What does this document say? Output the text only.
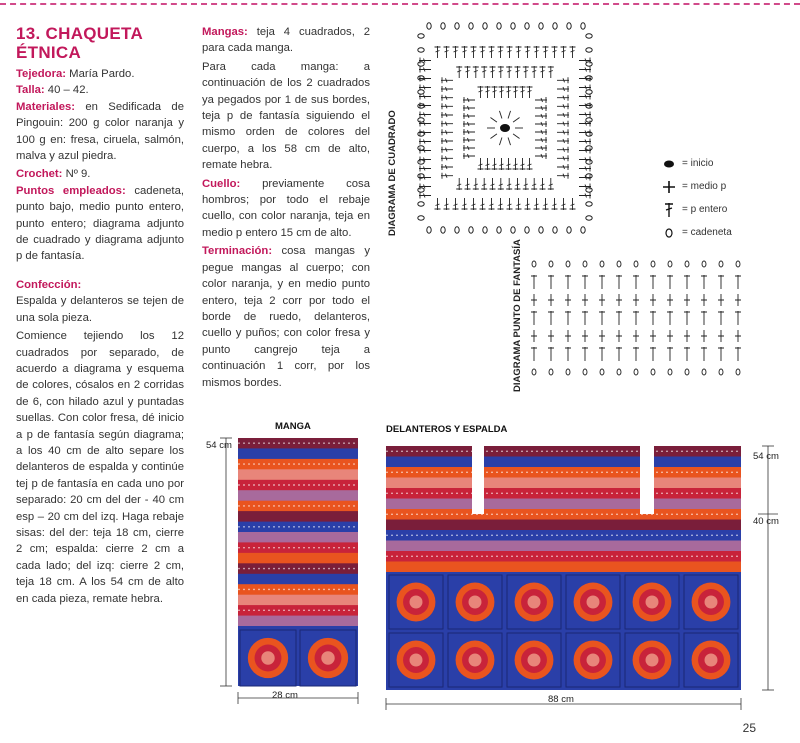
13. CHAQUETA
ÉTNICA
Tejedora: María Pardo.
Talla: 40 – 42.
Materiales: en Sedificada de Pingouin: 200 g color naranja y 100 g en: fresa, ciruela, salmón, malva y azul piedra.
Crochet: Nº 9.
Puntos empleados: cadeneta, punto bajo, medio punto entero, punto entero; diagrama adjunto de cuadrado y diagrama adjunto p de fantasía.
Confección:
Espalda y delanteros se tejen de una sola pieza.
Comience tejiendo los 12 cuadrados por separado, de acuerdo a diagrama y esquema de colores, cósalos en 2 corridas de 6, con hilado azul y puntadas suellas. Con color fresa, dé inicio a p de fantasía según diagrama; a los 40 cm de alto separe los delanteros de espalda y continúe tej p de fantasía en cada uno por separado: 20 cm del der - 40 cm esp – 20 cm del izq. Haga rebaje sisas: del der: teja 18 cm, cierre 2 cm; espalda: cierre 2 cm a cada lado; del izq: cierre 2 cm, teja 18 cm. A los 54 cm de alto en cada pieza, remate hebra.
Mangas: teja 4 cuadrados, 2 para cada manga.
Para cada manga: a continuación de los 2 cuadrados ya pegados por 1 de sus bordes, teja p de fantasía siguiendo el mismo orden de colores del cuerpo, a los 58 cm de alto, remate hebra.
Cuello: previamente cosa hombros; por todo el rebaje cuello, con color naranja, teja en medio p entero 15 cm de alto.
Terminación: cosa mangas y pegue mangas al cuerpo; con color naranja, y en medio punto entero, teja 2 corr por todo el borde de ruedo, delanteros, cuello y puños; con color fresa y punto cangrejo teja a continuación 1 corr, por los mismos bordes.
DIAGRAMA DE CUADRADO
DIAGRAMA PUNTO DE FANTASÍA
= inicio
= medio p
= p entero
= cadeneta
MANGA	DELANTEROS Y ESPALDA
54 cm
28 cm	88 cm
54 cm
40 cm
25
